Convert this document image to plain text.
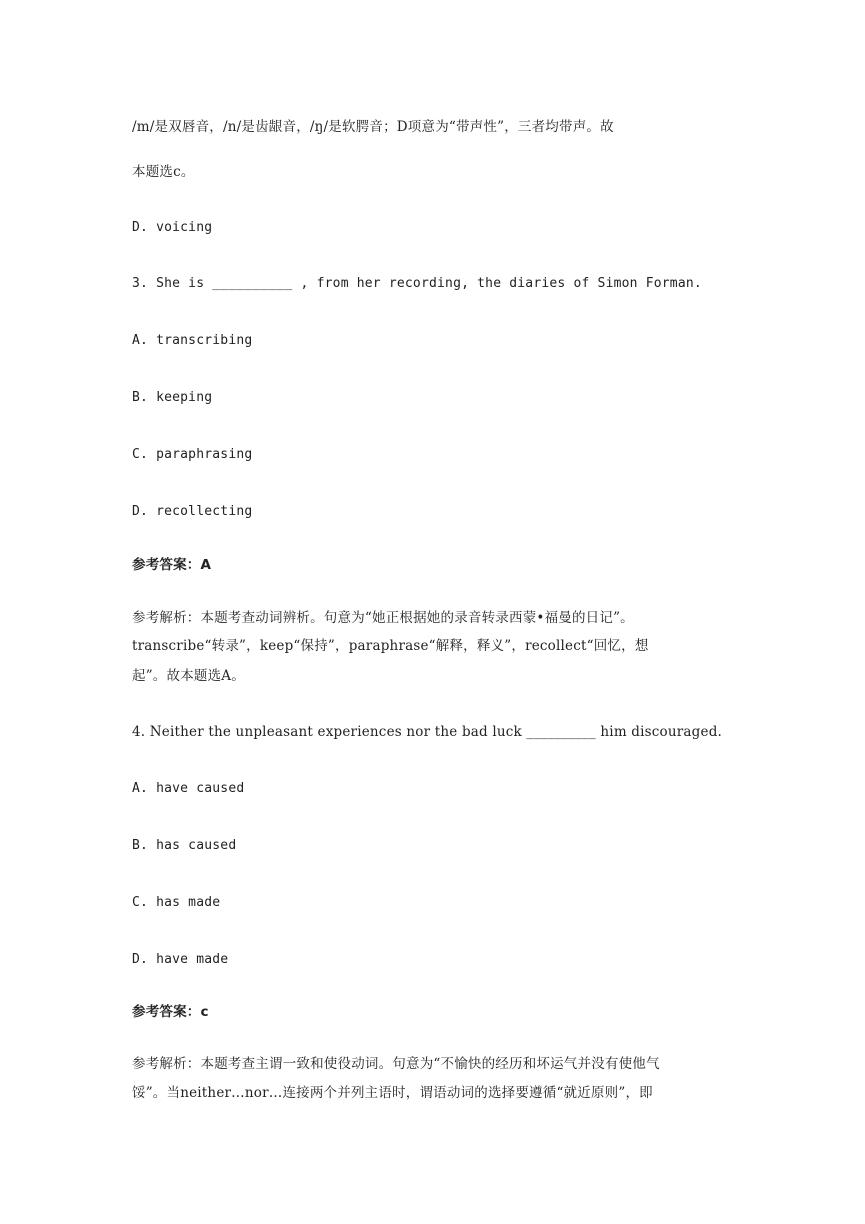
/m/是双唇音，/n/是齿龈音，/ŋ/是软腭音；D项意为“带声性”，三者均带声。故
本题选c。
D. voicing
3. She is __________ , from her recording, the diaries of Simon Forman.
A. transcribing
B. keeping
C. paraphrasing
D. recollecting
参考答案：A
参考解析：本题考查动词辨析。句意为“她正根据她的录音转录西蒙•福曼的日记”。
transcribe“转录”，keep“保持”，paraphrase“解释，释义”，recollect“回忆，想
起”。故本题选A。
4. Neither the unpleasant experiences nor the bad luck __________ him discouraged.
A. have caused
B. has caused
C. has made
D. have made
参考答案：c
参考解析：本题考查主谓一致和使役动词。句意为“不愉快的经历和坏运气并没有使他气
馁”。当neither…nor…连接两个并列主语时，谓语动词的选择要遵循“就近原则”，即
